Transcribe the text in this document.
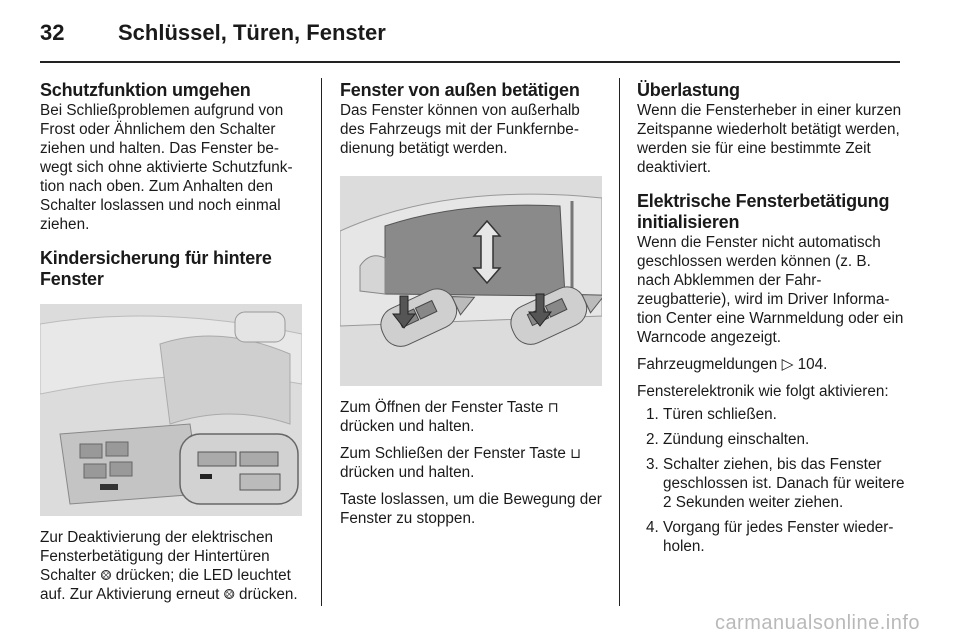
32 Schlüssel, Türen, Fenster
Schutzfunktion umgehen

Bei Schließproblemen aufgrund von Frost oder Ähnlichem den Schalter ziehen und halten. Das Fenster bewegt sich ohne aktivierte Schutzfunktion nach oben. Zum Anhalten den Schalter loslassen und noch einmal ziehen.

Kindersicherung für hintere Fenster

Zur Deaktivierung der elektrischen Fensterbetätigung der Hintertüren Schalter ⨷ drücken; die LED leuchtet auf. Zur Aktivierung erneut ⨷ drücken.

Fenster von außen betätigen

Das Fenster können von außerhalb des Fahrzeugs mit der Funkfernbedienung betätigt werden.

Zum Öffnen der Fenster Taste ⊓ drücken und halten.

Zum Schließen der Fenster Taste ⊔ drücken und halten.

Taste loslassen, um die Bewegung der Fenster zu stoppen.

Überlastung

Wenn die Fensterheber in einer kurzen Zeitspanne wiederholt betätigt werden, werden sie für eine bestimmte Zeit deaktiviert.

Elektrische Fensterbetätigung initialisieren

Wenn die Fenster nicht automatisch geschlossen werden können (z. B. nach Abklemmen der Fahrzeugbatterie), wird im Driver Information Center eine Warnmeldung oder ein Warncode angezeigt.

Fahrzeugmeldungen ▷ 104.

Fensterelektronik wie folgt aktivieren:

1. Türen schließen.
2. Zündung einschalten.
3. Schalter ziehen, bis das Fenster geschlossen ist. Danach für weitere 2 Sekunden weiter ziehen.
4. Vorgang für jedes Fenster wiederholen.
carmanualsonline.info
